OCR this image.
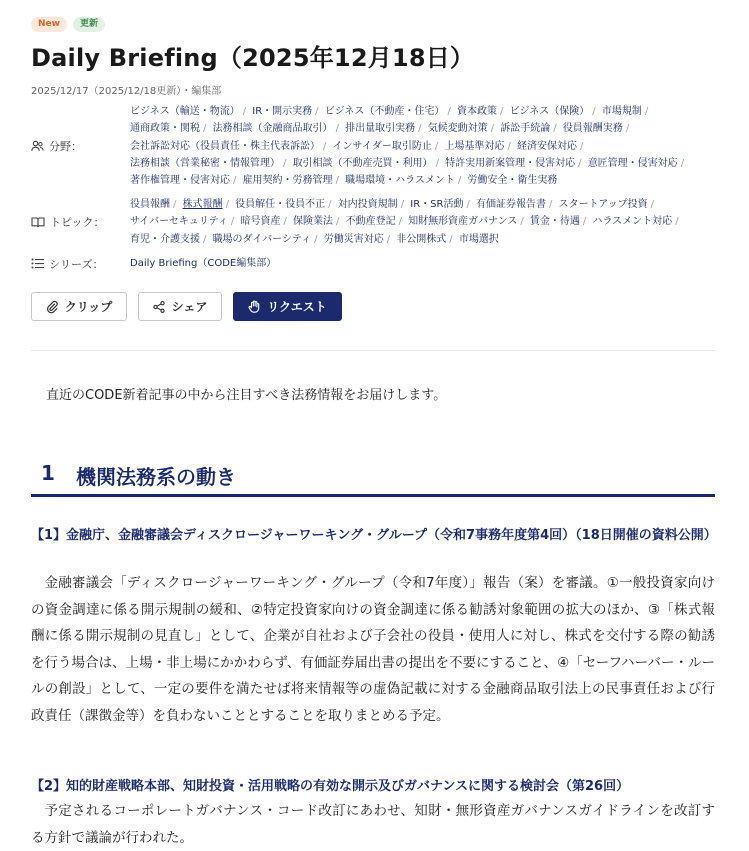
New	更新
Daily Briefing（2025年12月18日）
2025/12/17（2025/12/18更新）・編集部
分野：
ビジネス（輸送・物流） / IR・開示実務 / ビジネス（不動産・住宅） / 資本政策 / ビジネス（保険） / 市場規制 / 通商政策・関税 / 法務相談（金融商品取引） / 排出量取引実務 / 気候変動対策 / 訴訟手続論 / 役員報酬実務 / 会社訴訟対応（役員責任・株主代表訴訟） / インサイダー取引防止 / 上場基準対応 / 経済安保対応 / 法務相談（営業秘密・情報管理） / 取引相談（不動産売買・利用） / 特許実用新案管理・侵害対応 / 意匠管理・侵害対応 / 著作権管理・侵害対応 / 雇用契約・労務管理 / 職場環境・ハラスメント / 労働安全・衛生実務
トピック：
役員報酬 / 株式報酬 / 役員解任・役員不正 / 対内投資規制 / IR・SR活動 / 有価証券報告書 / スタートアップ投資 / サイバーセキュリティ / 暗号資産 / 保険業法 / 不動産登記 / 知財無形資産ガバナンス / 賃金・待遇 / ハラスメント対応 / 育児・介護支援 / 職場のダイバーシティ / 労働災害対応 / 非公開株式 / 市場選択
シリーズ：	Daily Briefing（CODE編集部）
クリップ	シェア	リクエスト

直近のCODE新着記事の中から注目すべき法務情報をお届けします。

1 機関法務系の動き
【1】金融庁、金融審議会ディスクロージャーワーキング・グループ（令和7事務年度第4回）（18日開催の資料公開）

金融審議会「ディスクロージャーワーキング・グループ（令和7年度）」報告（案）を審議。①一般投資家向けの資金調達に係る開示規制の緩和、②特定投資家向けの資金調達に係る勧誘対象範囲の拡大のほか、③「株式報酬に係る開示規制の見直し」として、企業が自社および子会社の役員・使用人に対し、株式を交付する際の勧誘を行う場合は、上場・非上場にかかわらず、有価証券届出書の提出を不要にすること、④「セーフハーバー・ルールの創設」として、一定の要件を満たせば将来情報等の虚偽記載に対する金融商品取引法上の民事責任および行政責任（課徴金等）を負わないこととすることを取りまとめる予定。

【2】知的財産戦略本部、知財投資・活用戦略の有効な開示及びガバナンスに関する検討会（第26回）

予定されるコーポレートガバナンス・コード改訂にあわせ、知財・無形資産ガバナンスガイドラインを改訂する方針で議論が行われた。
